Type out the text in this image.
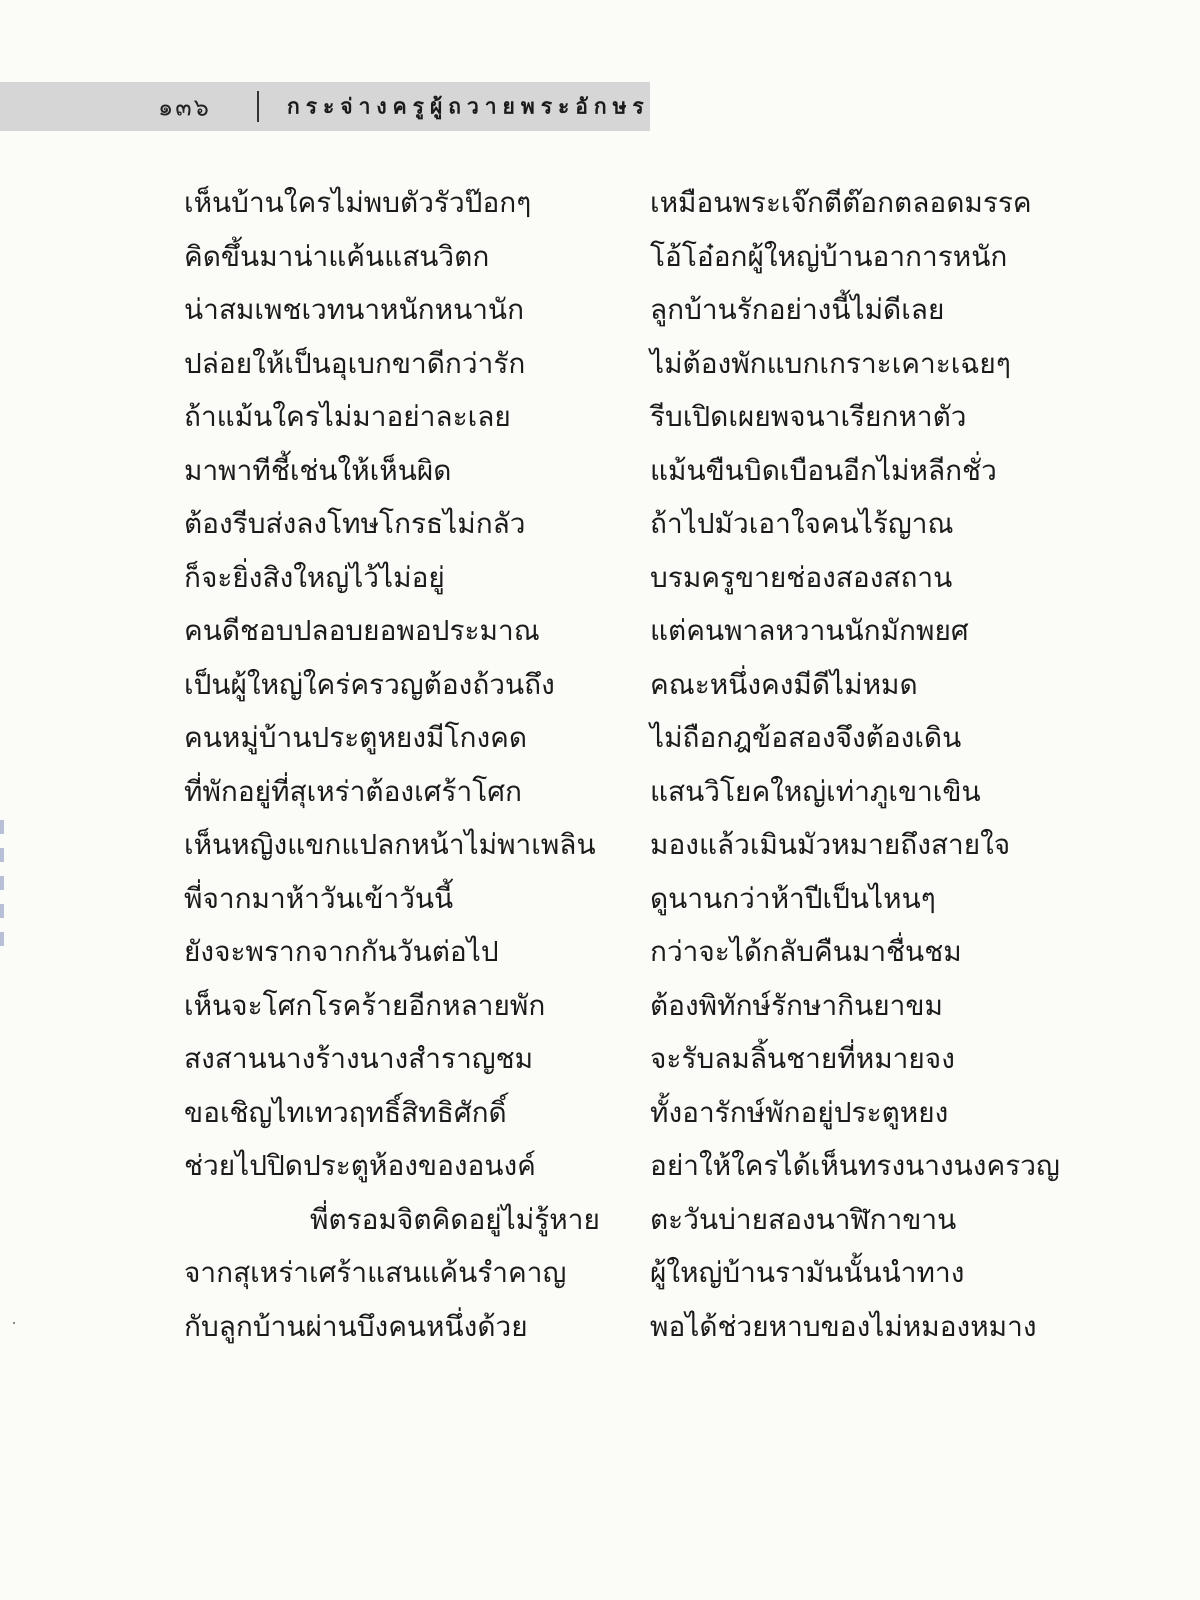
๑๓๖	กระจ่างครูผู้ถวายพระอักษร
เห็นบ้านใครไม่พบตัวรัวป๊อกๆ
คิดขึ้นมาน่าแค้นแสนวิตก
น่าสมเพชเวทนาหนักหนานัก
ปล่อยให้เป็นอุเบกขาดีกว่ารัก
ถ้าแม้นใครไม่มาอย่าละเลย
มาพาทีชี้เช่นให้เห็นผิด
ต้องรีบส่งลงโทษโกรธไม่กลัว
ก็จะยิ่งสิงใหญ่ไว้ไม่อยู่
คนดีชอบปลอบยอพอประมาณ
เป็นผู้ใหญ่ใคร่ครวญต้องถ้วนถึง
คนหมู่บ้านประตูหยงมีโกงคด
ที่พักอยู่ที่สุเหร่าต้องเศร้าโศก
เห็นหญิงแขกแปลกหน้าไม่พาเพลิน
พี่จากมาห้าวันเข้าวันนี้
ยังจะพรากจากกันวันต่อไป
เห็นจะโศกโรคร้ายอีกหลายพัก
สงสานนางร้างนางสำราญชม
ขอเชิญไทเทวฤทธิ์สิทธิศักดิ์
ช่วยไปปิดประตูห้องของอนงค์
พี่ตรอมจิตคิดอยู่ไม่รู้หาย
จากสุเหร่าเศร้าแสนแค้นรำคาญ
กับลูกบ้านผ่านบึงคนหนึ่งด้วย
เหมือนพระเจ๊กตีต๊อกตลอดมรรค
โอ้โอ๋อกผู้ใหญ่บ้านอาการหนัก
ลูกบ้านรักอย่างนี้ไม่ดีเลย
ไม่ต้องพักแบกเกราะเคาะเฉยๆ
รีบเปิดเผยพจนาเรียกหาตัว
แม้นขืนบิดเบือนอีกไม่หลีกชั่ว
ถ้าไปมัวเอาใจคนไร้ญาณ
บรมครูขายช่องสองสถาน
แต่คนพาลหวานนักมักพยศ
คณะหนึ่งคงมีดีไม่หมด
ไม่ถือกฎข้อสองจึงต้องเดิน
แสนวิโยคใหญ่เท่าภูเขาเขิน
มองแล้วเมินมัวหมายถึงสายใจ
ดูนานกว่าห้าปีเป็นไหนๆ
กว่าจะได้กลับคืนมาชื่นชม
ต้องพิทักษ์รักษากินยาขม
จะรับลมลิ้นชายที่หมายจง
ทั้งอารักษ์พักอยู่ประตูหยง
อย่าให้ใครได้เห็นทรงนางนงครวญ
ตะวันบ่ายสองนาฬิกาขาน
ผู้ใหญ่บ้านรามันนั้นนำทาง
พอได้ช่วยหาบของไม่หมองหมาง
